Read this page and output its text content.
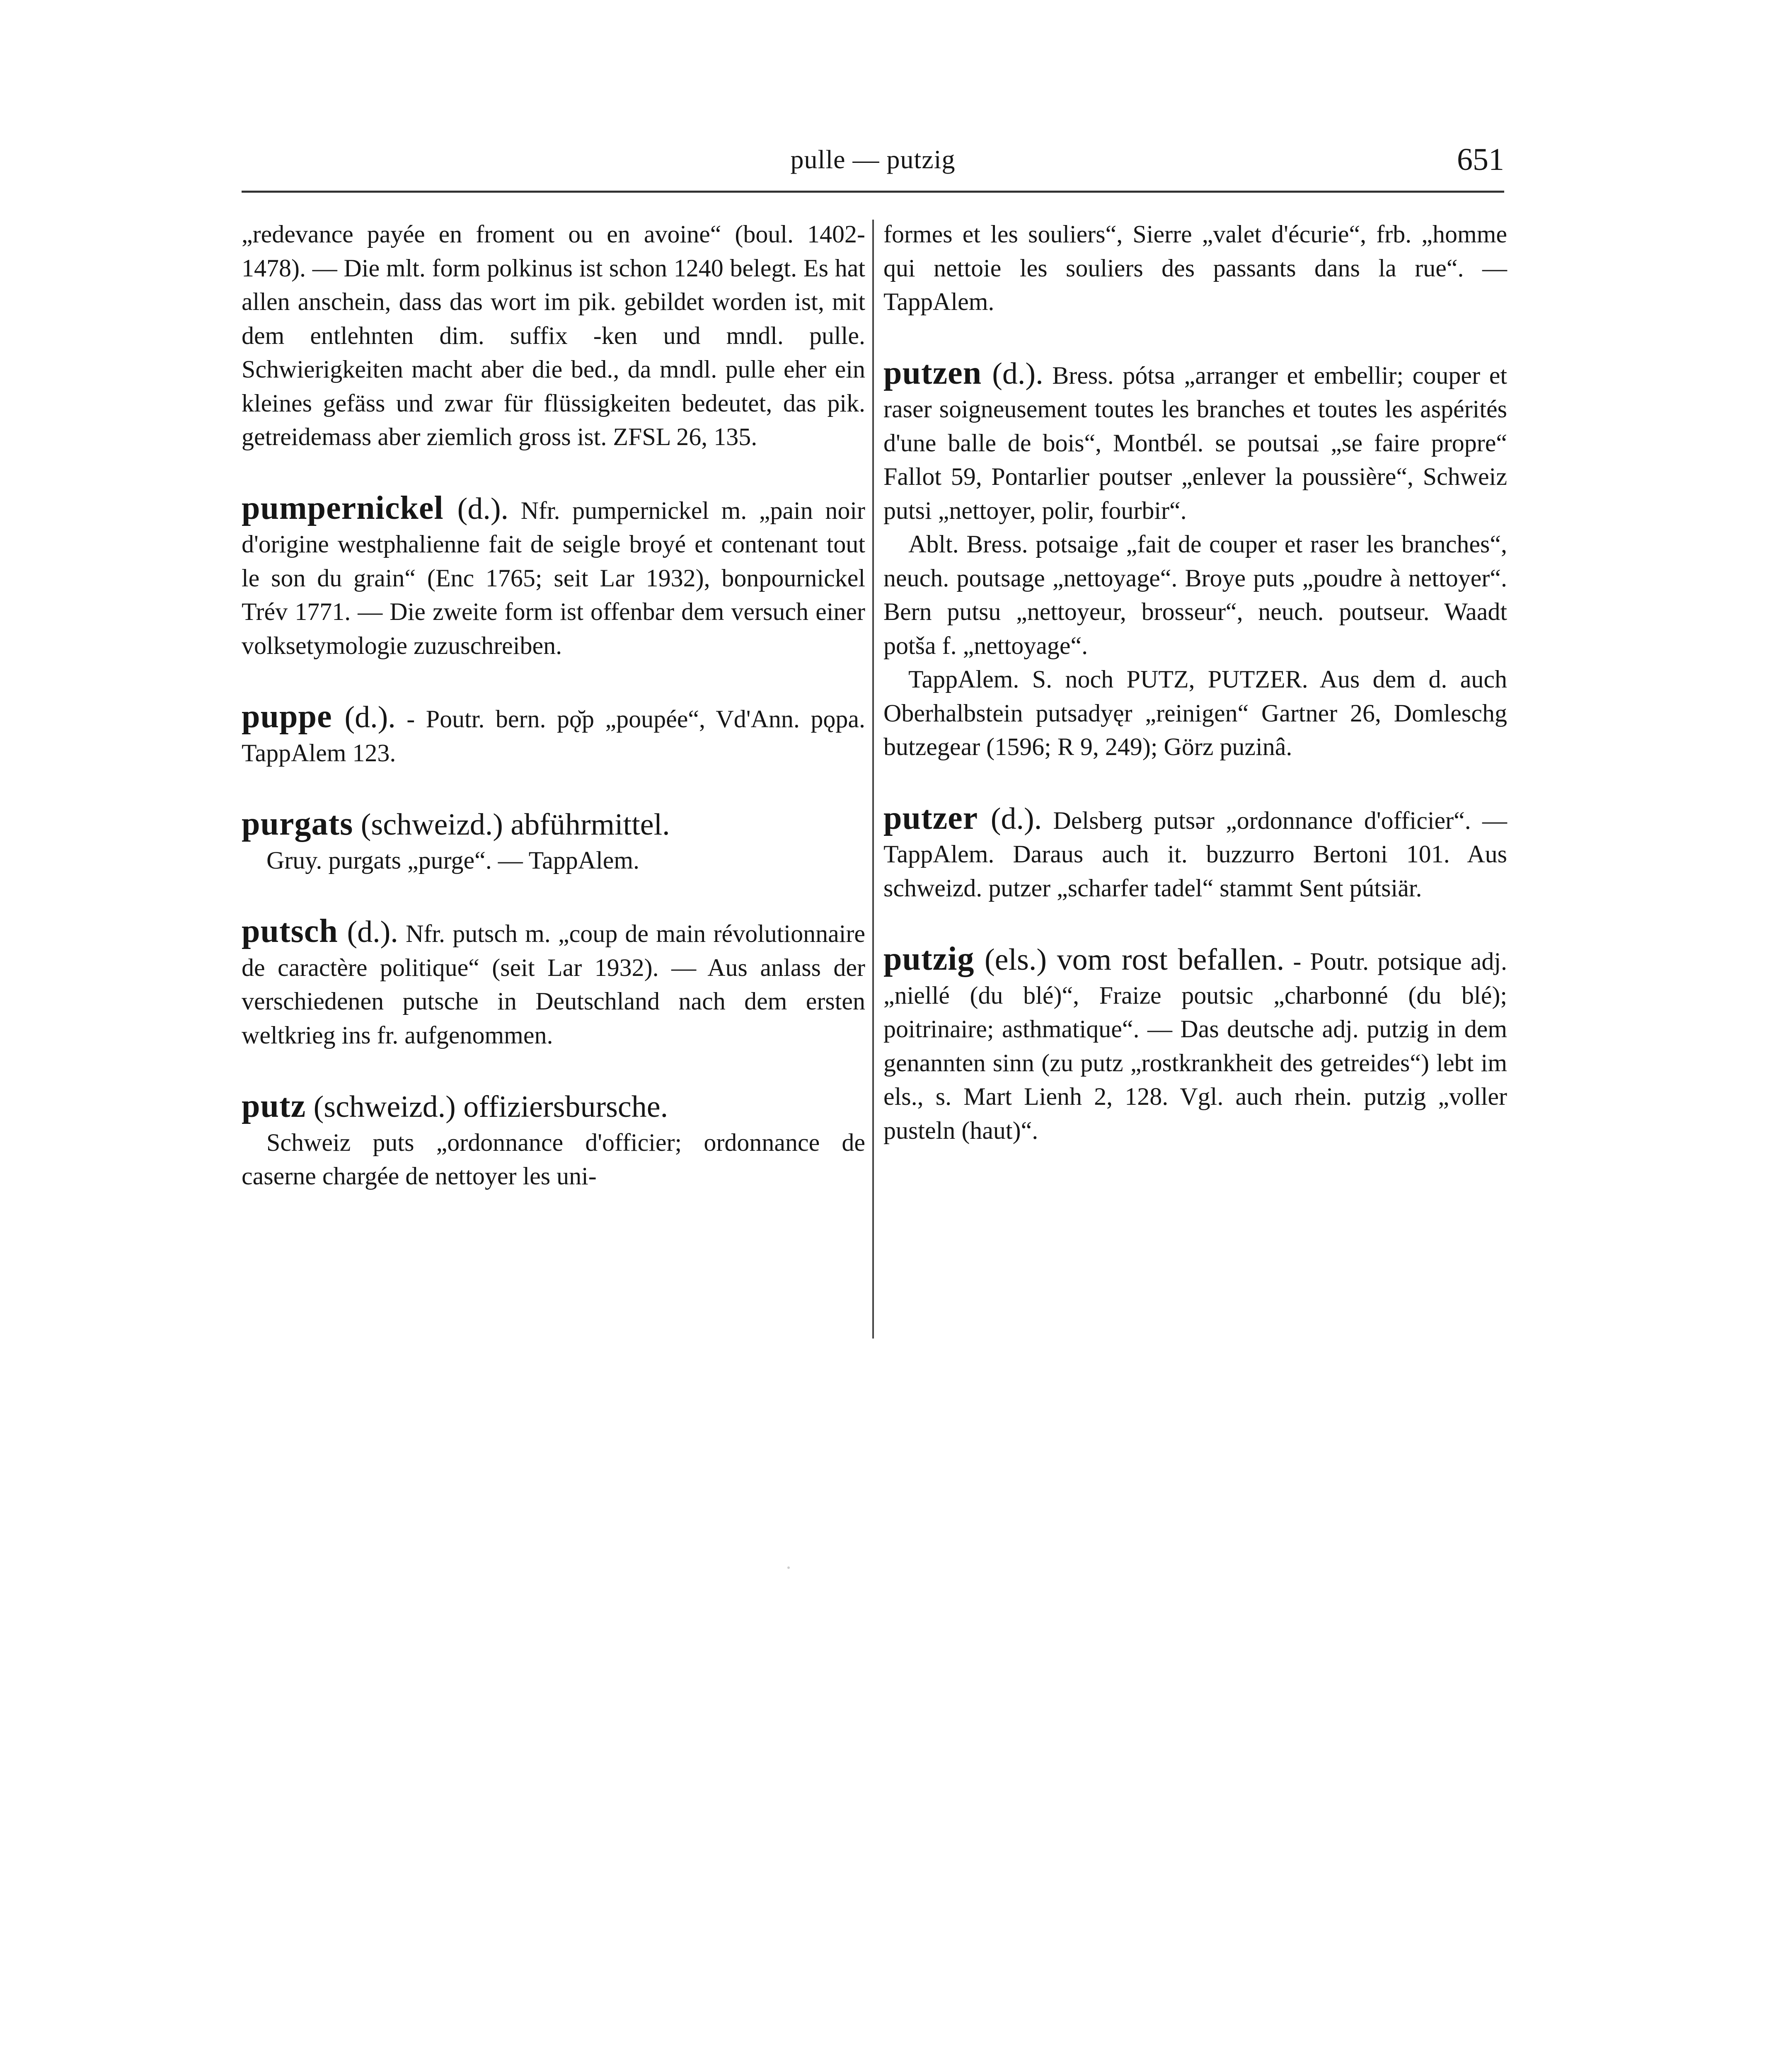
pulle — putzig	651

„redevance payée en froment ou en avoine“ (boul. 1402-1478). — Die mlt. form polkinus ist schon 1240 belegt. Es hat allen anschein, dass das wort im pik. gebildet worden ist, mit dem entlehnten dim. suffix -ken und mndl. pulle. Schwierigkeiten macht aber die bed., da mndl. pulle eher ein kleines gefäss und zwar für flüssigkeiten bedeutet, das pik. getreidemass aber ziemlich gross ist. ZFSL 26, 135.

pumpernickel (d.). Nfr. pumpernickel m. „pain noir d'origine westphalienne fait de seigle broyé et contenant tout le son du grain“ (Enc 1765; seit Lar 1932), bonpournickel Trév 1771. — Die zweite form ist offenbar dem versuch einer volksetymologie zuzuschreiben.

puppe (d.). - Poutr. bern. pǫ̆p „poupée“, Vd'Ann. pǫpa. TappAlem 123.

purgats (schweizd.) abführmittel.

Gruy. purgats „purge“. — TappAlem.

putsch (d.). Nfr. putsch m. „coup de main révolutionnaire de caractère politique“ (seit Lar 1932). — Aus anlass der verschiedenen putsche in Deutschland nach dem ersten weltkrieg ins fr. aufgenommen.

putz (schweizd.) offiziersbursche.

Schweiz puts „ordonnance d'officier; ordonnance de caserne chargée de nettoyer les uni-

formes et les souliers“, Sierre „valet d'écurie“, frb. „homme qui nettoie les souliers des passants dans la rue“. — TappAlem.

putzen (d.). Bress. pótsa „arranger et embellir; couper et raser soigneusement toutes les branches et toutes les aspérités d'une balle de bois“, Montbél. se poutsai „se faire propre“ Fallot 59, Pontarlier poutser „enlever la poussière“, Schweiz putsi „nettoyer, polir, fourbir“.

Ablt. Bress. potsaige „fait de couper et raser les branches“, neuch. poutsage „nettoyage“. Broye puts „poudre à nettoyer“. Bern putsu „nettoyeur, brosseur“, neuch. poutseur. Waadt potša f. „nettoyage“.

TappAlem. S. noch PUTZ, PUTZER. Aus dem d. auch Oberhalbstein putsadyęr „reinigen“ Gartner 26, Domleschg butzegear (1596; R 9, 249); Görz puzinâ.

putzer (d.). Delsberg putsər „ordonnance d'officier“. — TappAlem. Daraus auch it. buzzurro Bertoni 101. Aus schweizd. putzer „scharfer tadel“ stammt Sent pútsiär.

putzig (els.) vom rost befallen. - Poutr. potsique adj. „niellé (du blé)“, Fraize poutsic „charbonné (du blé); poitrinaire; asthmatique“. — Das deutsche adj. putzig in dem genannten sinn (zu putz „rostkrankheit des getreides“) lebt im els., s. Mart Lienh 2, 128. Vgl. auch rhein. putzig „voller pusteln (haut)“.
